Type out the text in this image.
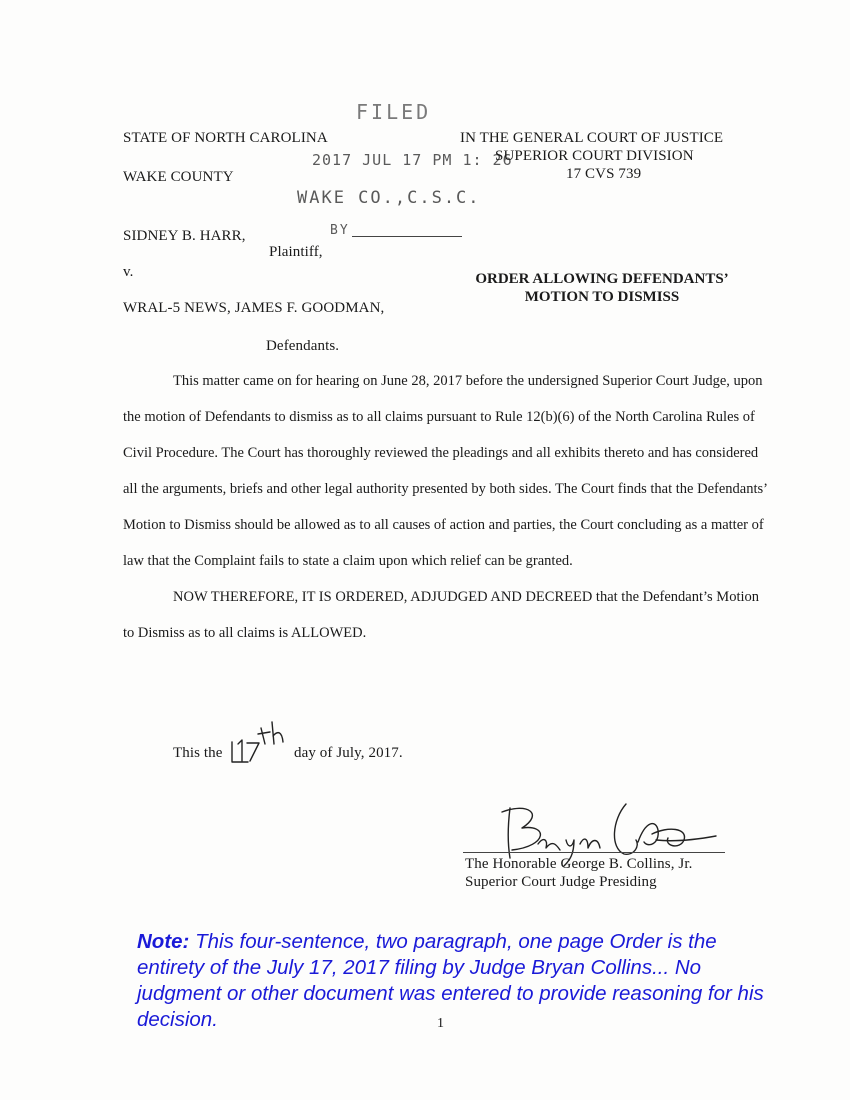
FILED
2017 JUL 17 PM 1: 26
WAKE CO.,C.S.C.
BY
STATE OF NORTH CAROLINA
WAKE COUNTY
SIDNEY B. HARR,
Plaintiff,
v.
WRAL-5 NEWS, JAMES F. GOODMAN,
Defendants.
IN THE GENERAL COURT OF JUSTICE
SUPERIOR COURT DIVISION
17 CVS 739
ORDER ALLOWING DEFENDANTS’
MOTION TO DISMISS

This matter came on for hearing on June 28, 2017 before the undersigned Superior Court Judge, upon the motion of Defendants to dismiss as to all claims pursuant to Rule 12(b)(6) of the North Carolina Rules of Civil Procedure. The Court has thoroughly reviewed the pleadings and all exhibits thereto and has considered all the arguments, briefs and other legal authority presented by both sides. The Court finds that the Defendants’ Motion to Dismiss should be allowed as to all causes of action and parties, the Court concluding as a matter of law that the Complaint fails to state a claim upon which relief can be granted.

NOW THEREFORE, IT IS ORDERED, ADJUDGED AND DECREED that the Defendant’s Motion to Dismiss as to all claims is ALLOWED.

This the	day of July, 2017.
The Honorable George B. Collins, Jr.
Superior Court Judge Presiding
Note: This four-sentence, two paragraph, one page Order is the entirety of the July 17, 2017 filing by Judge Bryan Collins... No judgment or other document was entered to provide reasoning for his decision.	1
